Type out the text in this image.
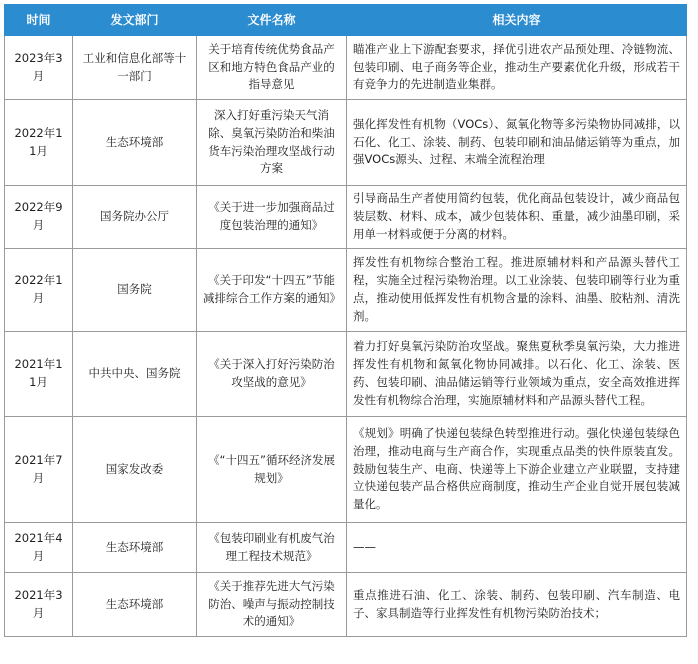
时间	发文部门	文件名称	相关内容
2023年3月	工业和信息化部等十一部门	关于培育传统优势食品产区和地方特色食品产业的指导意见	瞄准产业上下游配套要求，择优引进农产品预处理、冷链物流、包装印刷、电子商务等企业，推动生产要素优化升级，形成若干有竞争力的先进制造业集群。
2022年11月	生态环境部	深入打好重污染天气消除、臭氧污染防治和柴油货车污染治理攻坚战行动方案	强化挥发性有机物（VOCs）、氮氧化物等多污染物协同减排，以石化、化工、涂装、制药、包装印刷和油品储运销等为重点，加强VOCs源头、过程、末端全流程治理
2022年9月	国务院办公厅	《关于进一步加强商品过度包装治理的通知》	引导商品生产者使用简约包装，优化商品包装设计，减少商品包装层数、材料、成本，减少包装体积、重量，减少油墨印刷，采用单一材料或便于分离的材料。
2022年1月	国务院	《关于印发“十四五”节能减排综合工作方案的通知》	挥发性有机物综合整治工程。推进原辅材料和产品源头替代工程，实施全过程污染物治理。以工业涂装、包装印刷等行业为重点，推动使用低挥发性有机物含量的涂料、油墨、胶粘剂、清洗剂。
2021年11月	中共中央、国务院	《关于深入打好污染防治攻坚战的意见》	着力打好臭氧污染防治攻坚战。聚焦夏秋季臭氧污染，大力推进挥发性有机物和氮氧化物协同减排。以石化、化工、涂装、医药、包装印刷、油品储运销等行业领域为重点，安全高效推进挥发性有机物综合治理，实施原辅材料和产品源头替代工程。
2021年7月	国家发改委	《“十四五”循环经济发展规划》	《规划》明确了快递包装绿色转型推进行动。强化快递包装绿色治理，推动电商与生产商合作，实现重点品类的快件原装直发。鼓励包装生产、电商、快递等上下游企业建立产业联盟，支持建立快递包装产品合格供应商制度，推动生产企业自觉开展包装减量化。
2021年4月	生态环境部	《包装印刷业有机废气治理工程技术规范》	——
2021年3月	生态环境部	《关于推荐先进大气污染防治、噪声与振动控制技术的通知》	重点推进石油、化工、涂装、制药、包装印刷、汽车制造、电子、家具制造等行业挥发性有机物污染防治技术；
